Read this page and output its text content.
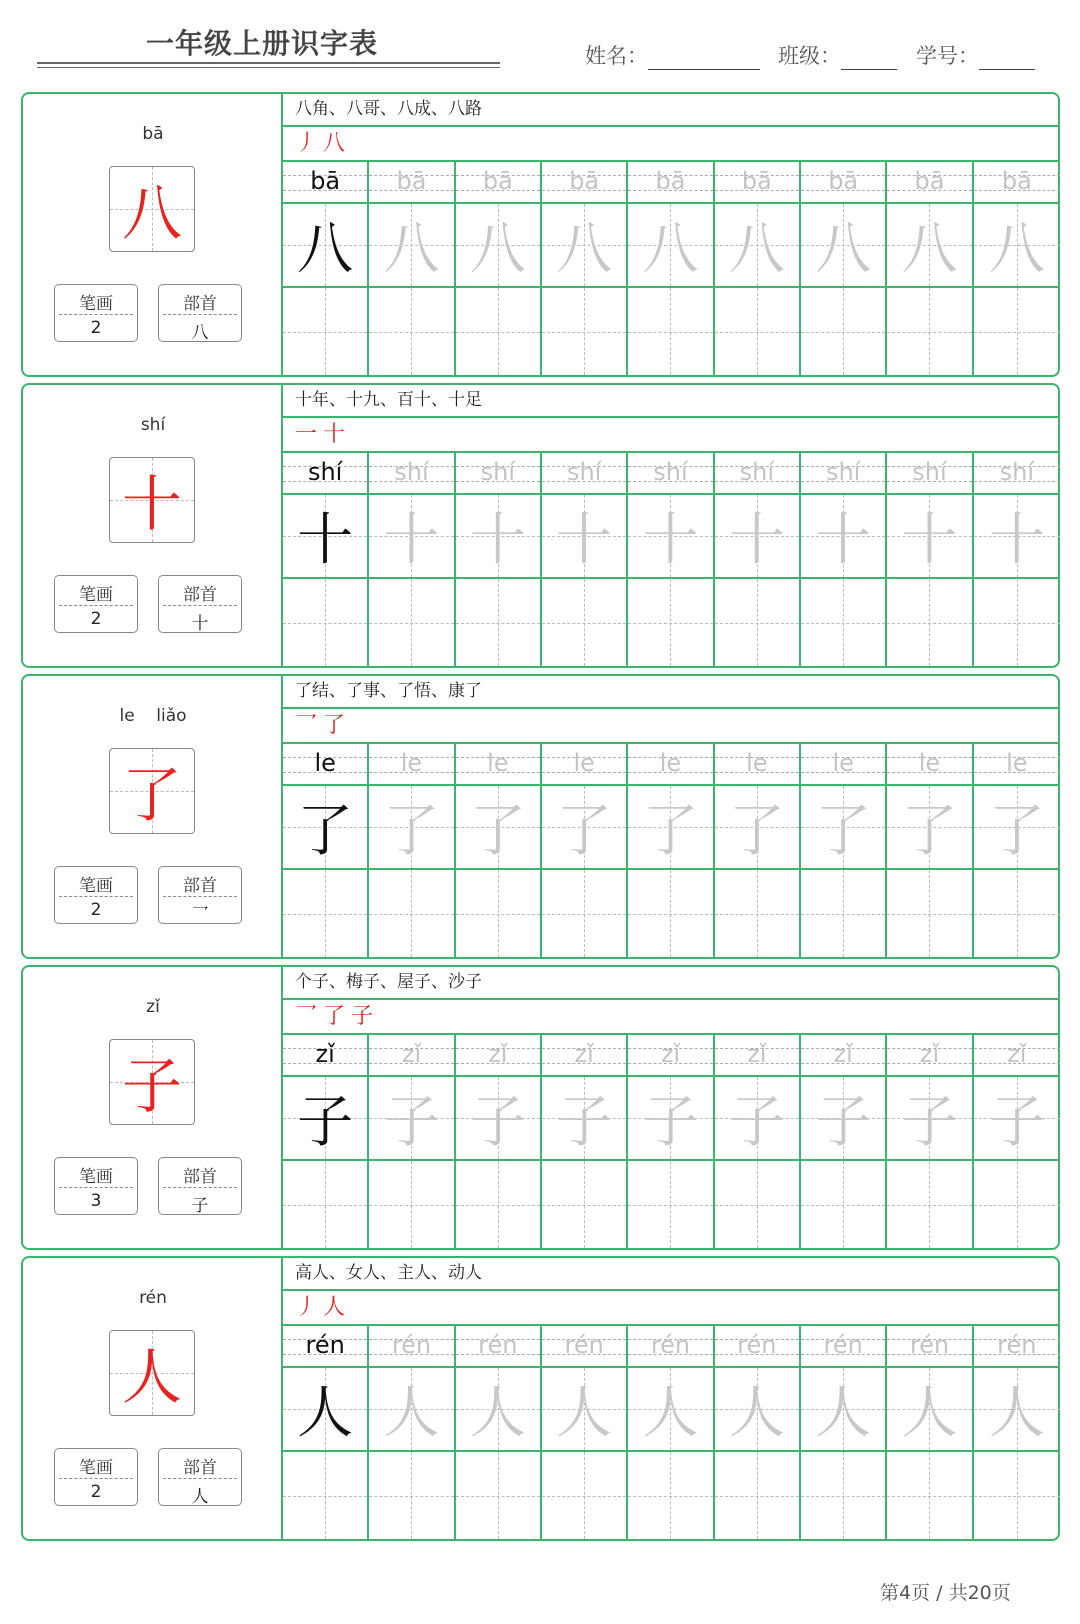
一年级上册识字表	姓名：	班级：	学号：
bā
八
笔画
2
部首
八
八角、八哥、八成、八路
丿八
bā	bā	bā	bā	bā	bā	bā	bā	bā
八 八 八 八 八 八 八 八 八
shí
十
笔画
2
部首
十
十年、十九、百十、十足
一十
shí	shí	shí	shí	shí	shí	shí	shí	shí
十 十 十 十 十 十 十 十 十
le    liǎo
了
笔画
2
部首
乛
了结、了事、了悟、康了
乛了
le	le	le	le	le	le	le	le	le
了 了 了 了 了 了 了 了 了
zǐ
子
笔画
3
部首
子
个子、梅子、屋子、沙子
乛了子
zǐ	zǐ	zǐ	zǐ	zǐ	zǐ	zǐ	zǐ	zǐ
子 子 子 子 子 子 子 子 子
rén
人
笔画
2
部首
人
高人、女人、主人、动人
丿人
rén	rén	rén	rén	rén	rén	rén	rén	rén
人 人 人 人 人 人 人 人 人
第4页 / 共20页
